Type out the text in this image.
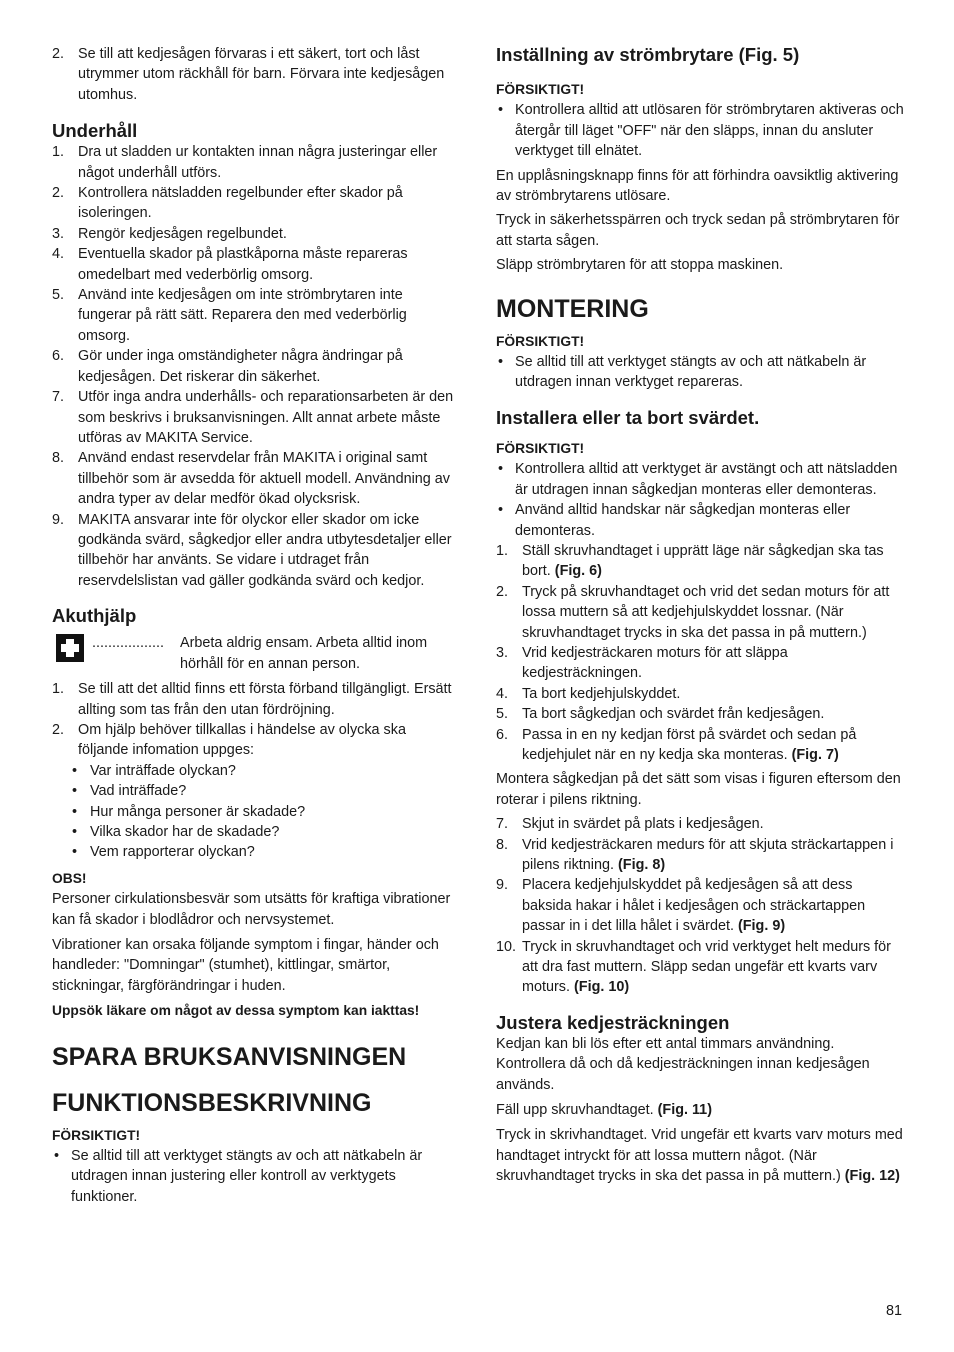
2. Se till att kedjesågen förvaras i ett säkert, tort och låst utrymmer utom räckhåll för barn. Förvara inte kedjesågen utomhus.
Underhåll
1. Dra ut sladden ur kontakten innan några justeringar eller något underhåll utförs.
2. Kontrollera nätsladden regelbunder efter skador på isoleringen.
3. Rengör kedjesågen regelbundet.
4. Eventuella skador på plastkåporna måste repareras omedelbart med vederbörlig omsorg.
5. Använd inte kedjesågen om inte strömbrytaren inte fungerar på rätt sätt. Reparera den med vederbörlig omsorg.
6. Gör under inga omständigheter några ändringar på kedjesågen. Det riskerar din säkerhet.
7. Utför inga andra underhålls- och reparationsarbeten är den som beskrivs i bruksanvisningen. Allt annat arbete måste utföras av MAKITA Service.
8. Använd endast reservdelar från MAKITA i original samt tillbehör som är avsedda för aktuell modell. Användning av andra typer av delar medför ökad olycksrisk.
9. MAKITA ansvarar inte för olyckor eller skador om icke godkända svärd, sågkedjor eller andra utbytesdetaljer eller tillbehör har använts. Se vidare i utdraget från reservdelslistan vad gäller godkända svärd och kedjor.
Akuthjälp
.................. Arbeta aldrig ensam. Arbeta alltid inom hörhåll för en annan person.
1. Se till att det alltid finns ett första förband tillgängligt. Ersätt allting som tas från den utan fördröjning.
2. Om hjälp behöver tillkallas i händelse av olycka ska följande infomation uppges:
• Var inträffade olyckan?
• Vad inträffade?
• Hur många personer är skadade?
• Vilka skador har de skadade?
• Vem rapporterar olyckan?
OBS!

Personer cirkulationsbesvär som utsätts för kraftiga vibrationer kan få skador i blodlådror och nervsystemet.

Vibrationer kan orsaka följande symptom i fingar, händer och handleder: "Domningar" (stumhet), kittlingar, smärtor, stickningar, färgförändringar i huden.

Uppsök läkare om något av dessa symptom kan iakttas!

SPARA BRUKSANVISNINGEN
FUNKTIONSBESKRIVNING
FÖRSIKTIGT!
• Se alltid till att verktyget stängts av och att nätkabeln är utdragen innan justering eller kontroll av verktygets funktioner.
Inställning av strömbrytare (Fig. 5)
FÖRSIKTIGT!
• Kontrollera alltid att utlösaren för strömbrytaren aktiveras och återgår till läget "OFF" när den släpps, innan du ansluter verktyget till elnätet.

En upplåsningsknapp finns för att förhindra oavsiktlig aktivering av strömbrytarens utlösare.

Tryck in säkerhetsspärren och tryck sedan på strömbrytaren för att starta sågen.

Släpp strömbrytaren för att stoppa maskinen.

MONTERING
FÖRSIKTIGT!
• Se alltid till att verktyget stängts av och att nätkabeln är utdragen innan verktyget repareras.
Installera eller ta bort svärdet.
FÖRSIKTIGT!
• Kontrollera alltid att verktyget är avstängt och att nätsladden är utdragen innan sågkedjan monteras eller demonteras.
• Använd alltid handskar när sågkedjan monteras eller demonteras.
1. Ställ skruvhandtaget i upprätt läge när sågkedjan ska tas bort. (Fig. 6)
2. Tryck på skruvhandtaget och vrid det sedan moturs för att lossa muttern så att kedjehjulskyddet lossnar. (När skruvhandtaget trycks in ska det passa in på muttern.)
3. Vrid kedjesträckaren moturs för att släppa kedjesträckningen.
4. Ta bort kedjehjulskyddet.
5. Ta bort sågkedjan och svärdet från kedjesågen.
6. Passa in en ny kedjan först på svärdet och sedan på kedjehjulet när en ny kedja ska monteras. (Fig. 7)

Montera sågkedjan på det sätt som visas i figuren eftersom den roterar i pilens riktning.

7. Skjut in svärdet på plats i kedjesågen.
8. Vrid kedjesträckaren medurs för att skjuta sträckartappen i pilens riktning. (Fig. 8)
9. Placera kedjehjulskyddet på kedjesågen så att dess baksida hakar i hålet i kedjesågen och sträckartappen passar in i det lilla hålet i svärdet. (Fig. 9)
10. Tryck in skruvhandtaget och vrid verktyget helt medurs för att dra fast muttern. Släpp sedan ungefär ett kvarts varv moturs. (Fig. 10)
Justera kedjesträckningen

Kedjan kan bli lös efter ett antal timmars användning. Kontrollera då och då kedjesträckningen innan kedjesågen används.

Fäll upp skruvhandtaget. (Fig. 11)

Tryck in skrivhandtaget. Vrid ungefär ett kvarts varv moturs med handtaget intryckt för att lossa muttern något. (När skruvhandtaget trycks in ska det passa in på muttern.) (Fig. 12)

81
